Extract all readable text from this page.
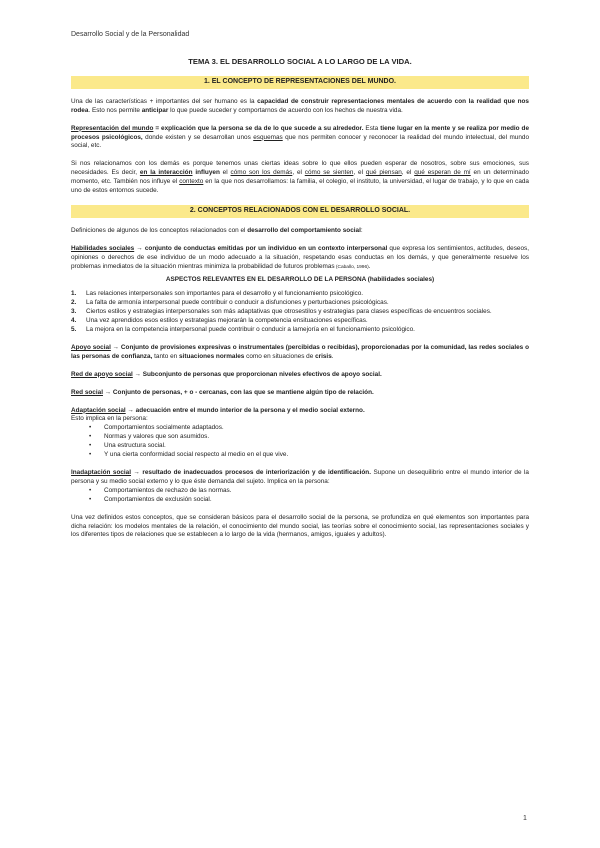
Desarrollo Social y de la Personalidad
TEMA 3. EL DESARROLLO SOCIAL A LO LARGO DE LA VIDA.
1. EL CONCEPTO DE REPRESENTACIONES DEL MUNDO.

Una de las características + importantes del ser humano es la capacidad de construir representaciones mentales de acuerdo con la realidad que nos rodea. Esto nos permite anticipar lo que puede suceder y comportarnos de acuerdo con los hechos de nuestra vida.

Representación del mundo = explicación que la persona se da de lo que sucede a su alrededor. Esta tiene lugar en la mente y se realiza por medio de procesos psicológicos, donde existen y se desarrollan unos esquemas que nos permiten conocer y reconocer la realidad del mundo intelectual, del mundo social, etc.

Si nos relacionamos con los demás es porque tenemos unas ciertas ideas sobre lo que ellos pueden esperar de nosotros, sobre sus emociones, sus necesidades. Es decir, en la interacción influyen el cómo son los demás, el cómo se sienten, el qué piensan, el qué esperan de mí en un determinado momento, etc. También nos influye el contexto en la que nos desarrollamos: la familia, el colegio, el instituto, la universidad, el lugar de trabajo, y lo que en cada uno de estos entornos sucede.

2. CONCEPTOS RELACIONADOS CON EL DESARROLLO SOCIAL.

Definiciones de algunos de los conceptos relacionados con el desarrollo del comportamiento social:

Habilidades sociales → conjunto de conductas emitidas por un individuo en un contexto interpersonal que expresa los sentimientos, actitudes, deseos, opiniones o derechos de ese individuo de un modo adecuado a la situación, respetando esas conductas en los demás, y que generalmente resuelve los problemas inmediatos de la situación mientras minimiza la probabilidad de futuros problemas (Caballo, 1996).

ASPECTOS RELEVANTES EN EL DESARROLLO DE LA PERSONA (habilidades sociales)
1. Las relaciones interpersonales son importantes para el desarrollo y el funcionamiento psicológico.
2. La falta de armonía interpersonal puede contribuir o conducir a disfunciones y perturbaciones psicológicas.
3. Ciertos estilos y estrategias interpersonales son más adaptativas que otrosestilos y estrategias para clases específicas de encuentros sociales.
4. Una vez aprendidos esos estilos y estrategias mejorarán la competencia ensituaciones específicas.
5. La mejora en la competencia interpersonal puede contribuir o conducir a lamejoría en el funcionamiento psicológico.

Apoyo social → Conjunto de provisiones expresivas o instrumentales (percibidas o recibidas), proporcionadas por la comunidad, las redes sociales o las personas de confianza, tanto en situaciones normales como en situaciones de crisis.

Red de apoyo social → Subconjunto de personas que proporcionan niveles efectivos de apoyo social.

Red social → Conjunto de personas, + o - cercanas, con las que se mantiene algún tipo de relación.

Adaptación social → adecuación entre el mundo interior de la persona y el medio social externo.

Esto implica en la persona:

• Comportamientos socialmente adaptados.
• Normas y valores que son asumidos.
• Una estructura social.
• Y una cierta conformidad social respecto al medio en el que vive.

Inadaptación social → resultado de inadecuados procesos de interiorización y de identificación. Supone un desequilibrio entre el mundo interior de la persona y su medio social externo y lo que éste demanda del sujeto. Implica en la persona:

• Comportamientos de rechazo de las normas.
• Comportamientos de exclusión social.

Una vez definidos estos conceptos, que se consideran básicos para el desarrollo social de la persona, se profundiza en qué elementos son importantes para dicha relación: los modelos mentales de la relación, el conocimiento del mundo social, las teorías sobre el conocimiento social, las representaciones sociales y los diferentes tipos de relaciones que se establecen a lo largo de la vida (hermanos, amigos, iguales y adultos).

1
